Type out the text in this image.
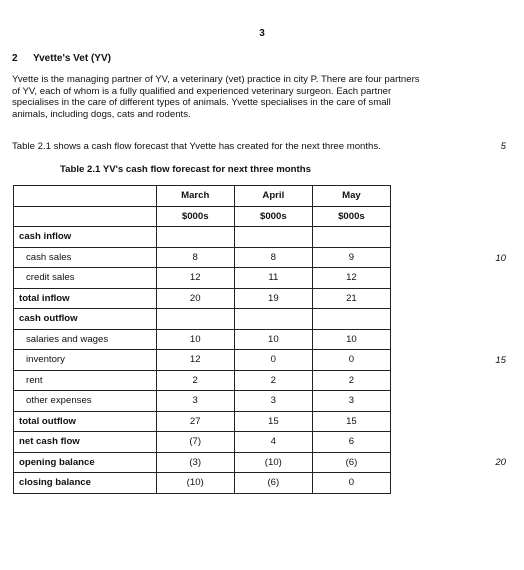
3
2 Yvette's Vet (YV)
Yvette is the managing partner of YV, a veterinary (vet) practice in city P. There are four partners
of YV, each of whom is a fully qualified and experienced veterinary surgeon. Each partner
specialises in the care of different types of animals. Yvette specialises in the care of small
animals, including dogs, cats and rodents.
Table 2.1 shows a cash flow forecast that Yvette has created for the next three months.	5
10
15
20
Table 2.1 YV's cash flow forecast for next three months
	March	April	May
	$000s	$000s	$000s
cash inflow			
cash sales	8	8	9
credit sales	12	11	12
total inflow	20	19	21
cash outflow			
salaries and wages	10	10	10
inventory	12	0	0
rent	2	2	2
other expenses	3	3	3
total outflow	27	15	15
net cash flow	(7)	4	6
opening balance	(3)	(10)	(6)
closing balance	(10)	(6)	0
